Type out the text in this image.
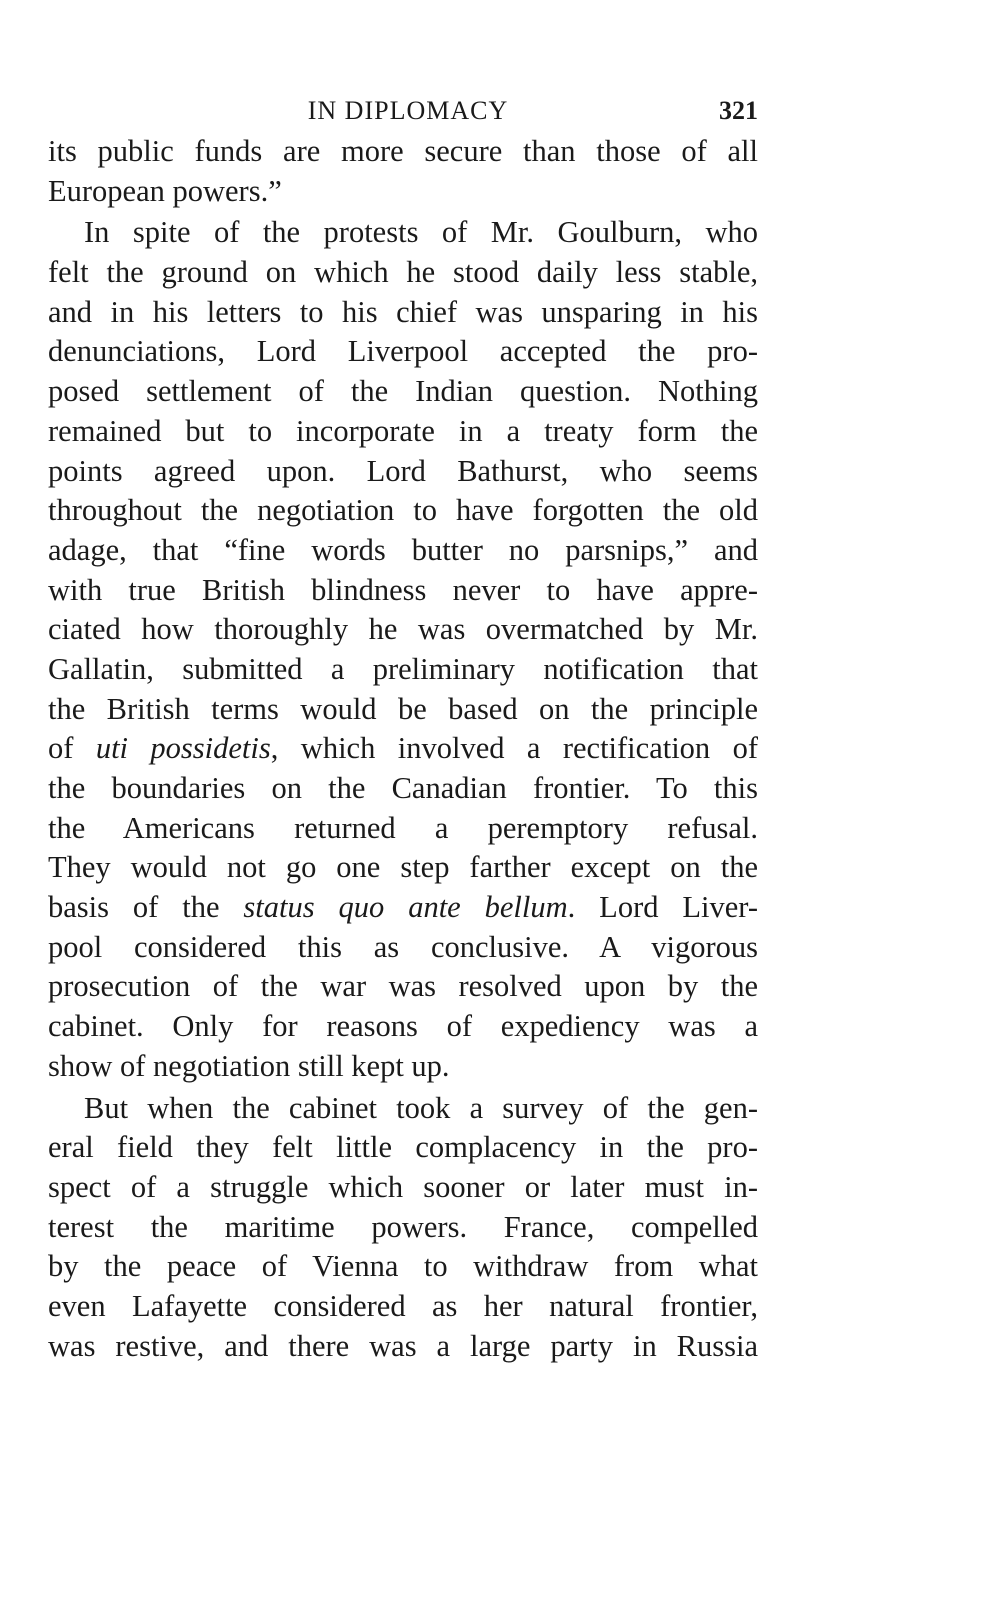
IN DIPLOMACY	321
its public funds are more secure than those of all
European powers.”
In spite of the protests of Mr. Goulburn, who
felt the ground on which he stood daily less stable,
and in his letters to his chief was unsparing in his
denunciations, Lord Liverpool accepted the pro-
posed settlement of the Indian question. Nothing
remained but to incorporate in a treaty form the
points agreed upon. Lord Bathurst, who seems
throughout the negotiation to have forgotten the old
adage, that “fine words butter no parsnips,” and
with true British blindness never to have appre-
ciated how thoroughly he was overmatched by Mr.
Gallatin, submitted a preliminary notification that
the British terms would be based on the principle
of uti possidetis, which involved a rectification of
the boundaries on the Canadian frontier. To this
the Americans returned a peremptory refusal.
They would not go one step farther except on the
basis of the status quo ante bellum. Lord Liver-
pool considered this as conclusive. A vigorous
prosecution of the war was resolved upon by the
cabinet. Only for reasons of expediency was a
show of negotiation still kept up.
But when the cabinet took a survey of the gen-
eral field they felt little complacency in the pro-
spect of a struggle which sooner or later must in-
terest the maritime powers. France, compelled
by the peace of Vienna to withdraw from what
even Lafayette considered as her natural frontier,
was restive, and there was a large party in Russia
